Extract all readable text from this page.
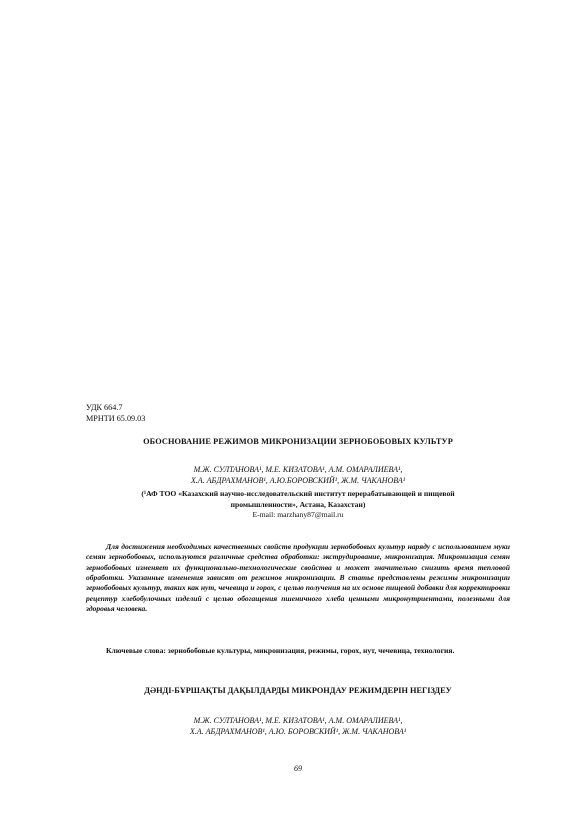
УДК 664.7
МРНТИ 65.09.03
ОБОСНОВАНИЕ РЕЖИМОВ МИКРОНИЗАЦИИ ЗЕРНОБОБОВЫХ КУЛЬТУР
М.Ж. СУЛТАНОВА¹, М.Е. КИЗАТОВА¹, А.М. ОМАРАЛИЕВА¹,
Х.А. АБДРАХМАНОВ¹, А.Ю.БОРОВСКИЙ¹, Ж.М. ЧАКАНОВА¹
(¹АФ ТОО «Казахский научно-исследовательский институт перерабатывающей и пищевой
промышленности», Астана, Казахстан)
E-mail: marzhany87@mail.ru

Для достижения необходимых качественных свойств продукции зернобобовых культур наряду с использованием муки семян зернобобовых, используются различные средства обработки: экструдирование, микронизация. Микронизация семян зернобобовых изменяет их функционально-технологические свойства и может значительно снизить время тепловой обработки. Указанные изменения зависят от режимов микронизации. В статье представлены режимы микронизации зернобобовых культур, таких как нут, чечевица и горох, с целью получения на их основе пищевой добавки для корректировки рецептур хлебобулочных изделий с целью обогащения пшеничного хлеба ценными микронутриентами, полезными для здоровья человека.

Ключевые слова: зернобобовые культуры, микронизация, режимы, горох, нут, чечевица, технология.

ДӘНДІ-БҰРШАҚТЫ ДАҚЫЛДАРДЫ МИКРОНДАУ РЕЖИМДЕРІН НЕГІЗДЕУ
М.Ж. СУЛТАНОВА¹, М.Е. КИЗАТОВА¹, А.М. ОМАРАЛИЕВА¹,
Х.А. АБДРАХМАНОВ¹, А.Ю. БОРОВСКИЙ¹, Ж.М. ЧАКАНОВА¹
69
